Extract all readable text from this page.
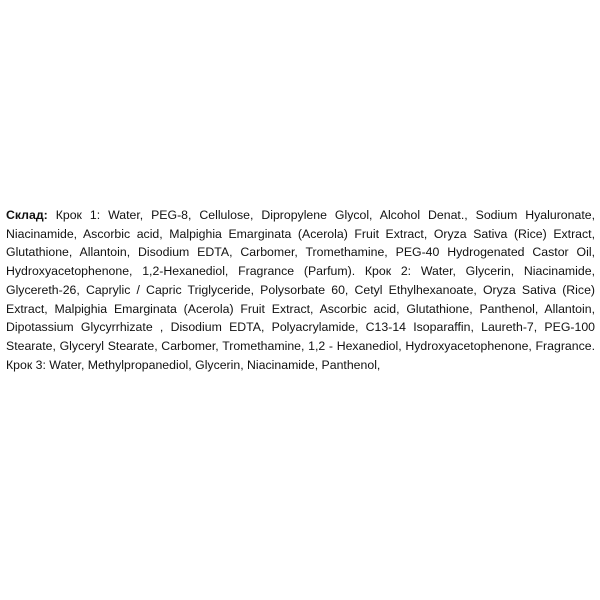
Склад: Крок 1: Water, PEG-8, Cellulose, Dipropylene Glycol, Alcohol Denat., Sodium Hyaluronate, Niacinamide, Ascorbic acid, Malpighia Emarginata (Acerola) Fruit Extract, Oryza Sativa (Rice) Extract, Glutathione, Allantoin, Disodium EDTA, Carbomer, Tromethamine, PEG-40 Hydrogenated Castor Oil, Hydroxyacetophenone, 1,2-Hexanediol, Fragrance (Parfum). Крок 2: Water, Glycerin, Niacinamide, Glycereth-26, Caprylic / Capric Triglyceride, Polysorbate 60, Cetyl Ethylhexanoate, Oryza Sativa (Rice) Extract, Malpighia Emarginata (Acerola) Fruit Extract, Ascorbic acid, Glutathione, Panthenol, Allantoin, Dipotassium Glycyrrhizate , Disodium EDTA, Polyacrylamide, C13-14 Isoparaffin, Laureth-7, PEG-100 Stearate, Glyceryl Stearate, Carbomer, Tromethamine, 1,2 - Hexanediol, Hydroxyacetophenone, Fragrance. Крок 3: Water, Methylpropanediol, Glycerin, Niacinamide, Panthenol,
